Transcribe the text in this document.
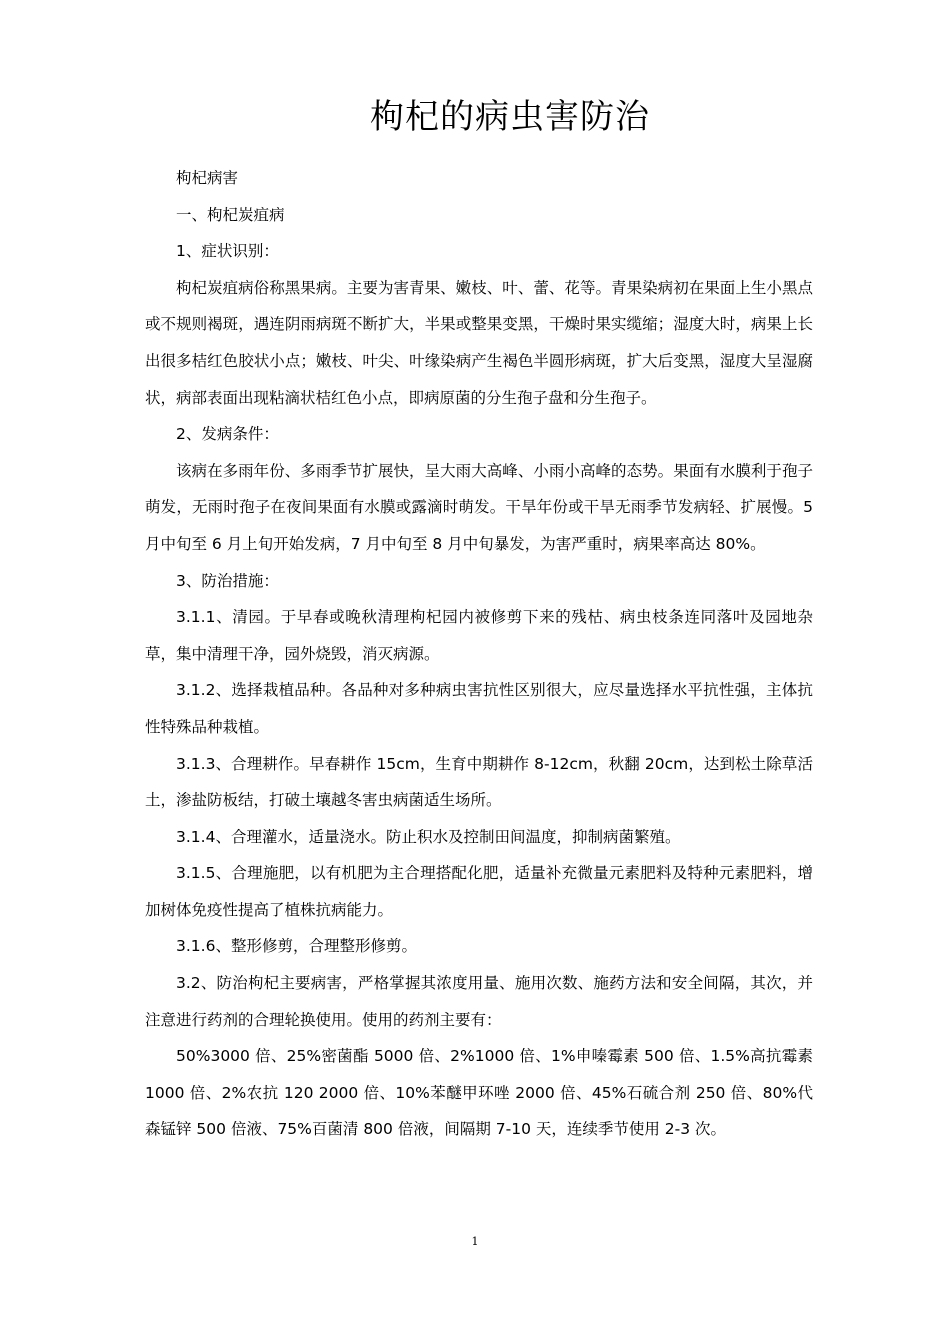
枸杞的病虫害防治

枸杞病害

一、枸杞炭疽病

1、症状识别：

枸杞炭疽病俗称黑果病。主要为害青果、嫩枝、叶、蕾、花等。青果染病初在果面上生小黑点或不规则褐斑，遇连阴雨病斑不断扩大，半果或整果变黑，干燥时果实缆缩；湿度大时，病果上长出很多桔红色胶状小点；嫩枝、叶尖、叶缘染病产生褐色半圆形病斑，扩大后变黑，湿度大呈湿腐状，病部表面出现粘滴状桔红色小点，即病原菌的分生孢子盘和分生孢子。

2、发病条件：

该病在多雨年份、多雨季节扩展快，呈大雨大高峰、小雨小高峰的态势。果面有水膜利于孢子萌发，无雨时孢子在夜间果面有水膜或露滴时萌发。干旱年份或干旱无雨季节发病轻、扩展慢。5 月中旬至 6 月上旬开始发病，7 月中旬至 8 月中旬暴发，为害严重时，病果率高达 80%。

3、防治措施：

3.1.1、清园。于早春或晚秋清理枸杞园内被修剪下来的残枯、病虫枝条连同落叶及园地杂草，集中清理干净，园外烧毁，消灭病源。

3.1.2、选择栽植品种。各品种对多种病虫害抗性区别很大，应尽量选择水平抗性强，主体抗性特殊品种栽植。

3.1.3、合理耕作。早春耕作 15cm，生育中期耕作 8-12cm，秋翻 20cm，达到松土除草活土，渗盐防板结，打破土壤越冬害虫病菌适生场所。

3.1.4、合理灌水，适量浇水。防止积水及控制田间温度，抑制病菌繁殖。

3.1.5、合理施肥，以有机肥为主合理搭配化肥，适量补充微量元素肥料及特种元素肥料，增加树体免疫性提高了植株抗病能力。

3.1.6、整形修剪，合理整形修剪。

3.2、防治枸杞主要病害，严格掌握其浓度用量、施用次数、施药方法和安全间隔，其次，并注意进行药剂的合理轮换使用。使用的药剂主要有：

50%3000 倍、25%密菌酯 5000 倍、2%1000 倍、1%申嗪霉素 500 倍、1.5%高抗霉素 1000 倍、2%农抗 120 2000 倍、10%苯醚甲环唑 2000 倍、45%石硫合剂 250 倍、80%代森锰锌 500 倍液、75%百菌清 800 倍液，间隔期 7-10 天，连续季节使用 2-3 次。

1
